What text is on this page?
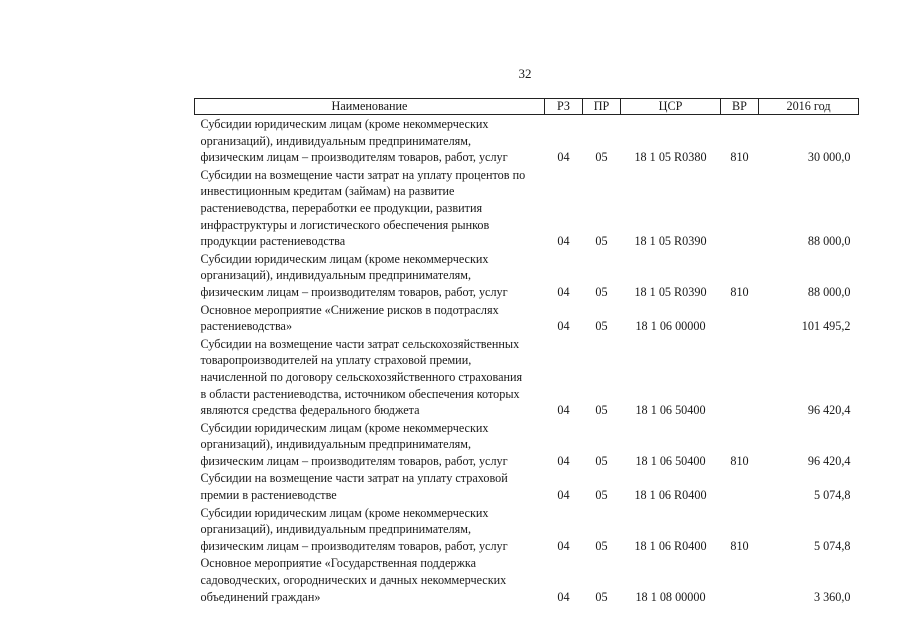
32
Наименование	РЗ	ПР	ЦСР	ВР	2016 год
Субсидии юридическим лицам (кроме некоммерческих
организаций), индивидуальным предпринимателям,
физическим лицам – производителям товаров, работ, услуг	04	05	18 1 05 R0380	810	30 000,0
Субсидии на возмещение части затрат на уплату процентов по
инвестиционным кредитам (займам) на развитие
растениеводства, переработки ее продукции, развития
инфраструктуры и логистического обеспечения рынков
продукции растениеводства	04	05	18 1 05 R0390		88 000,0
Субсидии юридическим лицам (кроме некоммерческих
организаций), индивидуальным предпринимателям,
физическим лицам – производителям товаров, работ, услуг	04	05	18 1 05 R0390	810	88 000,0
Основное мероприятие «Снижение рисков в подотраслях
растениеводства»	04	05	18 1 06 00000		101 495,2
Субсидии на возмещение части затрат сельскохозяйственных
товаропроизводителей на уплату страховой премии,
начисленной по договору сельскохозяйственного страхования
в области растениеводства, источником обеспечения которых
являются средства федерального бюджета	04	05	18 1 06 50400		96 420,4
Субсидии юридическим лицам (кроме некоммерческих
организаций), индивидуальным предпринимателям,
физическим лицам – производителям товаров, работ, услуг	04	05	18 1 06 50400	810	96 420,4
Субсидии на возмещение части затрат на уплату страховой
премии в растениеводстве	04	05	18 1 06 R0400		5 074,8
Субсидии юридическим лицам (кроме некоммерческих
организаций), индивидуальным предпринимателям,
физическим лицам – производителям товаров, работ, услуг	04	05	18 1 06 R0400	810	5 074,8
Основное мероприятие «Государственная поддержка
садоводческих, огороднических и дачных некоммерческих
объединений граждан»	04	05	18 1 08 00000		3 360,0
